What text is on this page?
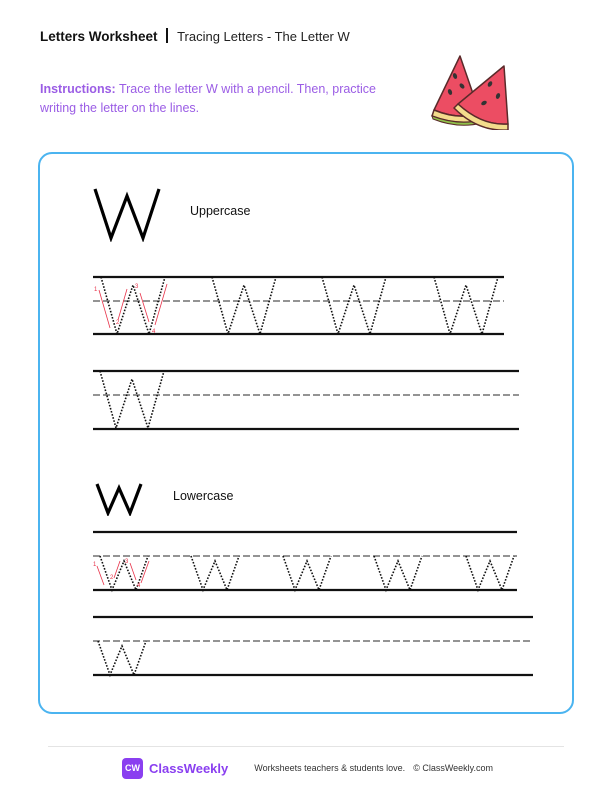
Letters Worksheet Tracing Letters - The Letter W
Instructions: Trace the letter W with a pencil. Then, practice writing the letter on the lines.
Uppercase
Lowercase
1
2
3
4
1
2
3
4
CW ClassWeekly	Worksheets teachers & students love. © ClassWeekly.com
